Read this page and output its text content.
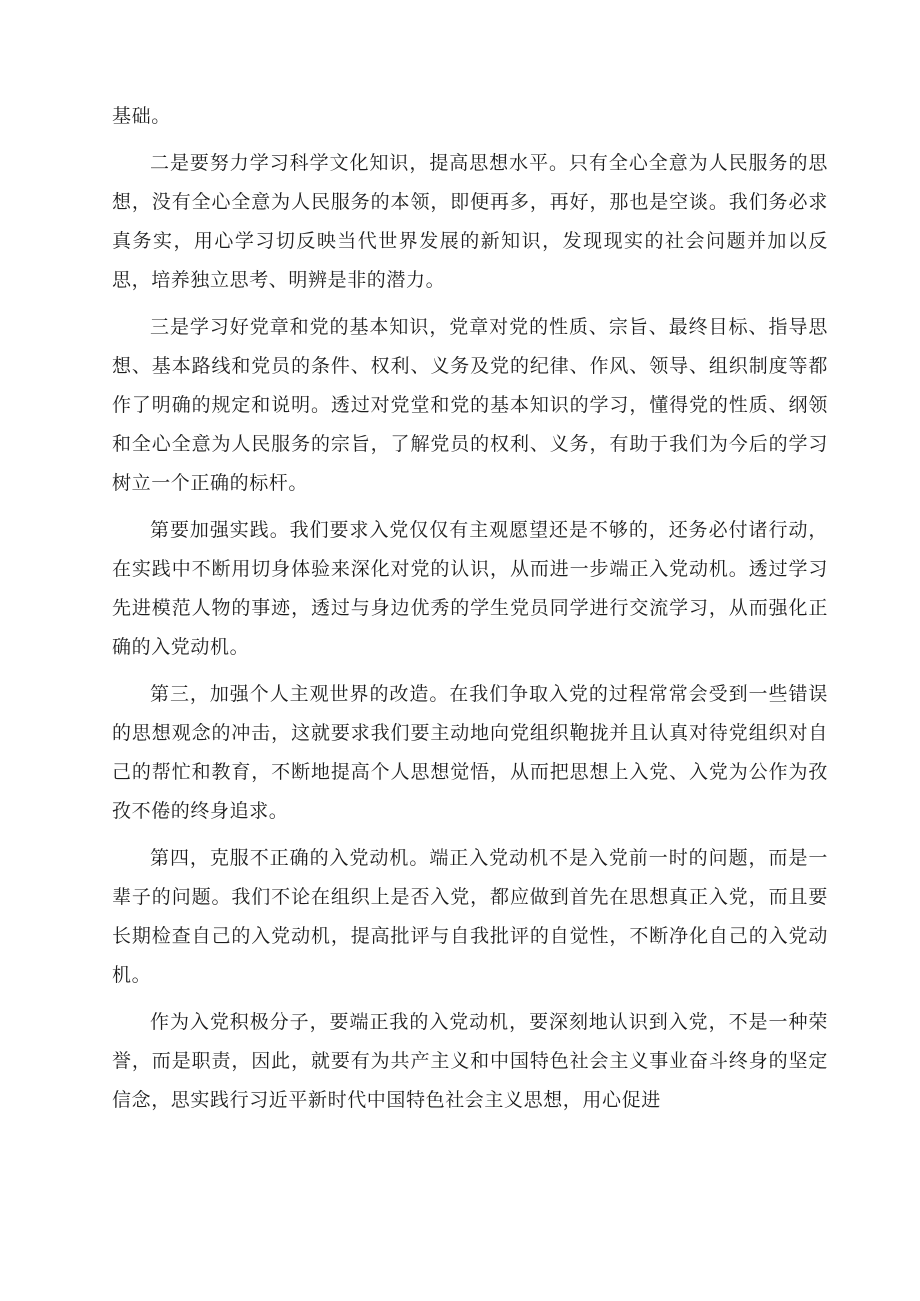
基础。

二是要努力学习科学文化知识，提高思想水平。只有全心全意为人民服务的思想，没有全心全意为人民服务的本领，即便再多，再好，那也是空谈。我们务必求真务实，用心学习切反映当代世界发展的新知识，发现现实的社会问题并加以反思，培养独立思考、明辨是非的潜力。

三是学习好党章和党的基本知识，党章对党的性质、宗旨、最终目标、指导思想、基本路线和党员的条件、权利、义务及党的纪律、作风、领导、组织制度等都作了明确的规定和说明。透过对党堂和党的基本知识的学习，懂得党的性质、纲领和全心全意为人民服务的宗旨，了解党员的权利、义务，有助于我们为今后的学习树立一个正确的标杆。

第要加强实践。我们要求入党仅仅有主观愿望还是不够的，还务必付诸行动，在实践中不断用切身体验来深化对党的认识，从而进一步端正入党动机。透过学习先进模范人物的事迹，透过与身边优秀的学生党员同学进行交流学习，从而强化正确的入党动机。

第三，加强个人主观世界的改造。在我们争取入党的过程常常会受到一些错误的思想观念的冲击，这就要求我们要主动地向党组织鞄拢并且认真对待党组织对自己的帮忙和教育，不断地提高个人思想觉悟，从而把思想上入党、入党为公作为孜孜不倦的终身追求。

第四，克服不正确的入党动机。端正入党动机不是入党前一时的问题，而是一辈子的问题。我们不论在组织上是否入党，都应做到首先在思想真正入党，而且要长期检查自己的入党动机，提高批评与自我批评的自觉性，不断净化自己的入党动机。

作为入党积极分子，要端正我的入党动机，要深刻地认识到入党，不是一种荣誉，而是职责，因此，就要有为共产主义和中国特色社会主义事业奋斗终身的坚定信念，思实践行习近平新时代中国特色社会主义思想，用心促进
